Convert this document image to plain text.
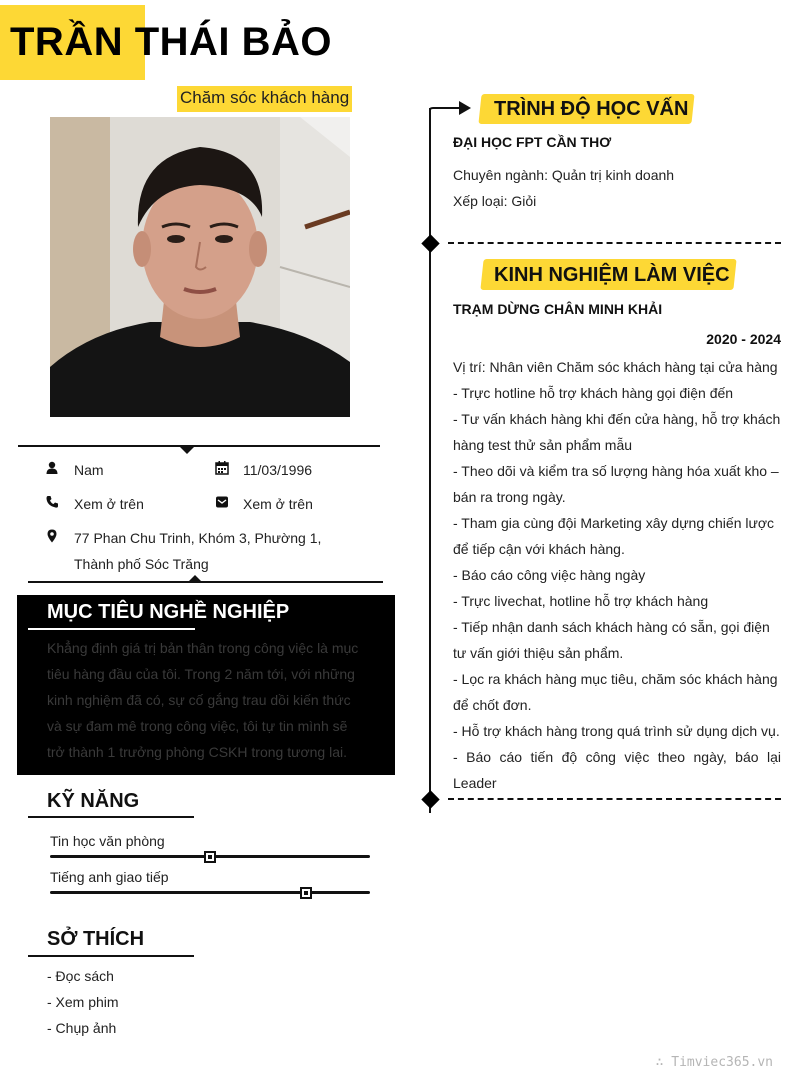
TRẦN THÁI BẢO
Chăm sóc khách hàng
Nam	11/03/1996
Xem ở trên	Xem ở trên
77 Phan Chu Trinh, Khóm 3, Phường 1,
Thành phố Sóc Trăng
MỤC TIÊU NGHỀ NGHIỆP
Khẳng định giá trị bản thân trong công việc là mục
tiêu hàng đầu của tôi. Trong 2 năm tới, với những
kinh nghiệm đã có, sự cố gắng trau dồi kiến thức
và sự đam mê trong công việc, tôi tự tin mình sẽ
trở thành 1 trưởng phòng CSKH trong tương lai.
KỸ NĂNG
Tin học văn phòng
Tiếng anh giao tiếp
SỞ THÍCH
- Đọc sách
- Xem phim
- Chụp ảnh
TRÌNH ĐỘ HỌC VẤN
ĐẠI HỌC FPT CẦN THƠ
Chuyên ngành: Quản trị kinh doanh
Xếp loại: Giỏi
KINH NGHIỆM LÀM VIỆC
TRẠM DỪNG CHÂN MINH KHẢI
2020 - 2024
Vị trí: Nhân viên Chăm sóc khách hàng tại cửa hàng
- Trực hotline hỗ trợ khách hàng gọi điện đến
- Tư vấn khách hàng khi đến cửa hàng, hỗ trợ khách
hàng test thử sản phẩm mẫu
- Theo dõi và kiểm tra số lượng hàng hóa xuất kho –
bán ra trong ngày.
- Tham gia cùng đội Marketing xây dựng chiến lược
để tiếp cận với khách hàng.
- Báo cáo công việc hàng ngày
- Trực livechat, hotline hỗ trợ khách hàng
- Tiếp nhận danh sách khách hàng có sẵn, gọi điện
tư vấn giới thiệu sản phẩm.
- Lọc ra khách hàng mục tiêu, chăm sóc khách hàng
để chốt đơn.
- Hỗ trợ khách hàng trong quá trình sử dụng dịch vụ.
- Báo cáo tiến độ công việc theo ngày, báo lại Leader
∴ Timviec365.vn
